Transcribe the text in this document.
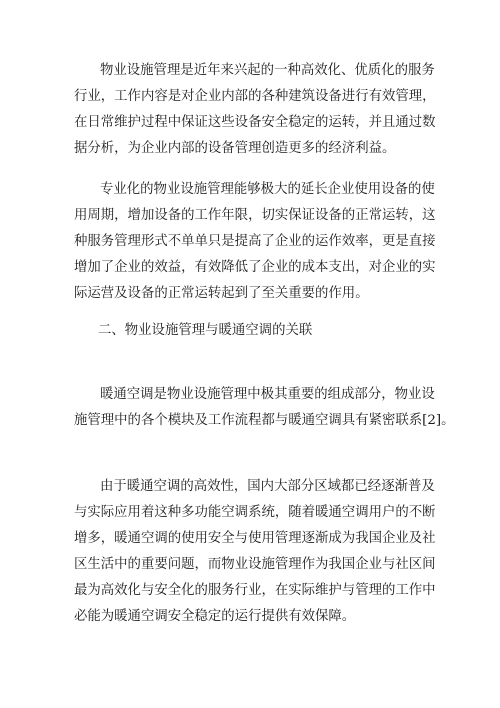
物业设施管理是近年来兴起的一种高效化、优质化的服务
行业，工作内容是对企业内部的各种建筑设备进行有效管理，
在日常维护过程中保证这些设备安全稳定的运转，并且通过数
据分析，为企业内部的设备管理创造更多的经济利益。
专业化的物业设施管理能够极大的延长企业使用设备的使
用周期，增加设备的工作年限，切实保证设备的正常运转，这
种服务管理形式不单单只是提高了企业的运作效率，更是直接
增加了企业的效益，有效降低了企业的成本支出，对企业的实
际运营及设备的正常运转起到了至关重要的作用。
二、物业设施管理与暖通空调的关联
暖通空调是物业设施管理中极其重要的组成部分，物业设
施管理中的各个模块及工作流程都与暖通空调具有紧密联系[2]。
由于暖通空调的高效性，国内大部分区域都已经逐渐普及
与实际应用着这种多功能空调系统，随着暖通空调用户的不断
增多，暖通空调的使用安全与使用管理逐渐成为我国企业及社
区生活中的重要问题，而物业设施管理作为我国企业与社区间
最为高效化与安全化的服务行业，在实际维护与管理的工作中
必能为暖通空调安全稳定的运行提供有效保障。
